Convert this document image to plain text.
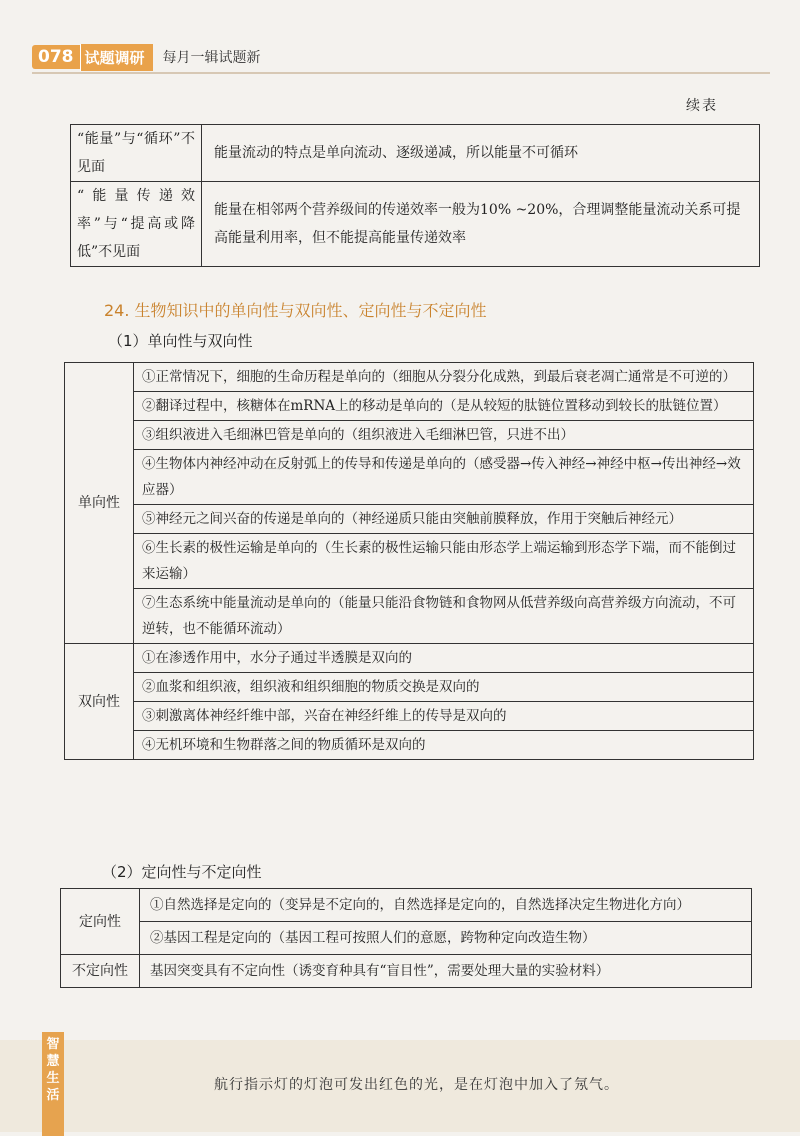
078 试题调研	每月一辑试题新
续表
“能量”与“循环”不见面	能量流动的特点是单向流动、逐级递减，所以能量不可循环
“能量传递效率”与“提高或降低”不见面	能量在相邻两个营养级间的传递效率一般为10% ~20%，合理调整能量流动关系可提高能量利用率，但不能提高能量传递效率
24. 生物知识中的单向性与双向性、定向性与不定向性
（1）单向性与双向性
单向性	①正常情况下，细胞的生命历程是单向的（细胞从分裂分化成熟，到最后衰老凋亡通常是不可逆的）
	②翻译过程中，核糖体在mRNA上的移动是单向的（是从较短的肽链位置移动到较长的肽链位置）
	③组织液进入毛细淋巴管是单向的（组织液进入毛细淋巴管，只进不出）
	④生物体内神经冲动在反射弧上的传导和传递是单向的（感受器→传入神经→神经中枢→传出神经→效应器）
	⑤神经元之间兴奋的传递是单向的（神经递质只能由突触前膜释放，作用于突触后神经元）
	⑥生长素的极性运输是单向的（生长素的极性运输只能由形态学上端运输到形态学下端，而不能倒过来运输）
	⑦生态系统中能量流动是单向的（能量只能沿食物链和食物网从低营养级向高营养级方向流动，不可逆转，也不能循环流动）
双向性	①在渗透作用中，水分子通过半透膜是双向的
	②血浆和组织液，组织液和组织细胞的物质交换是双向的
	③刺激离体神经纤维中部，兴奋在神经纤维上的传导是双向的
	④无机环境和生物群落之间的物质循环是双向的
（2）定向性与不定向性
定向性	①自然选择是定向的（变异是不定向的，自然选择是定向的，自然选择决定生物进化方向）
	②基因工程是定向的（基因工程可按照人们的意愿，跨物种定向改造生物）
不定向性	基因突变具有不定向性（诱变育种具有“盲目性”，需要处理大量的实验材料）
智慧生活
航行指示灯的灯泡可发出红色的光，是在灯泡中加入了氖气。
